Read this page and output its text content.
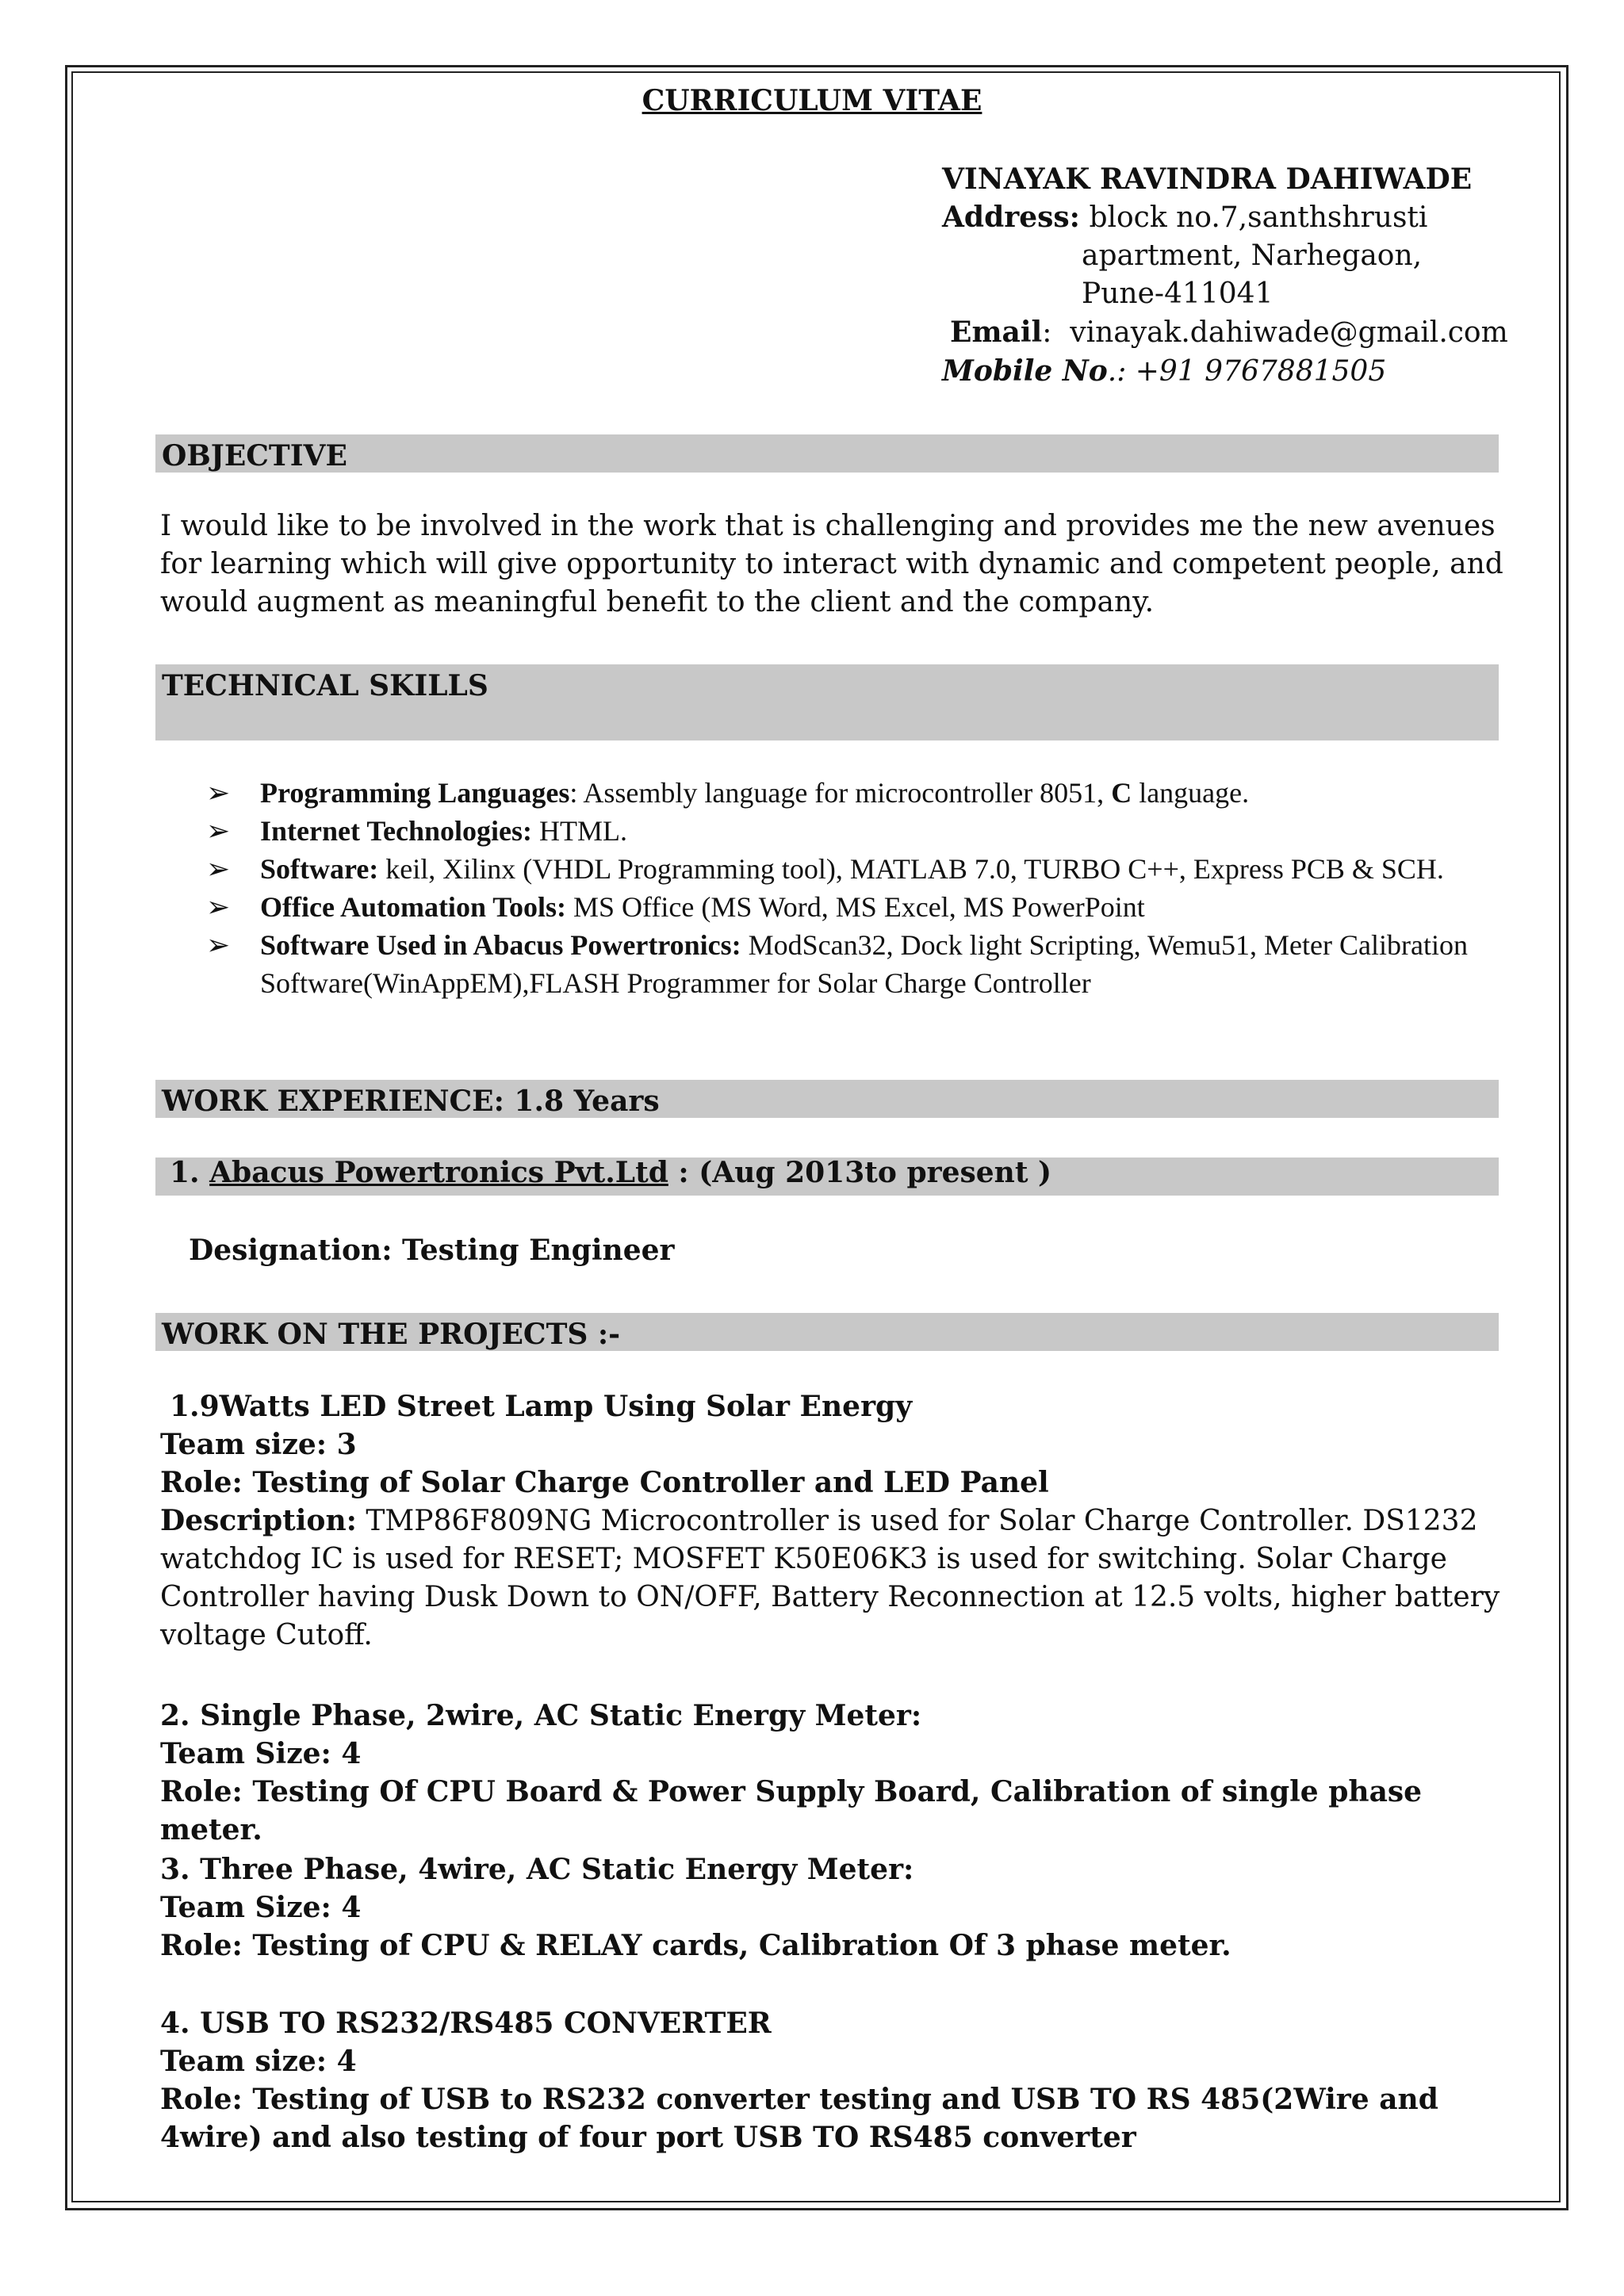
CURRICULUM VITAE
VINAYAK RAVINDRA DAHIWADE
Address: block no.7,santhshrusti
apartment, Narhegaon,
Pune-411041
Email: vinayak.dahiwade@gmail.com
Mobile No.: +91 9767881505
OBJECTIVE
I would like to be involved in the work that is challenging and provides me the new avenues for learning which will give opportunity to interact with dynamic and competent people, and would augment as meaningful benefit to the client and the company.
TECHNICAL SKILLS
➢ Programming Languages: Assembly language for microcontroller 8051, C language.
➢ Internet Technologies: HTML.
➢ Software: keil, Xilinx (VHDL Programming tool), MATLAB 7.0, TURBO C++, Express PCB & SCH.
➢ Office Automation Tools: MS Office (MS Word, MS Excel, MS PowerPoint
➢ Software Used in Abacus Powertronics: ModScan32, Dock light Scripting, Wemu51, Meter Calibration Software(WinAppEM),FLASH Programmer for Solar Charge Controller
WORK EXPERIENCE: 1.8 Years
1. Abacus Powertronics Pvt.Ltd : (Aug 2013to present )
Designation: Testing Engineer
WORK ON THE PROJECTS :-
1.9Watts LED Street Lamp Using Solar Energy
Team size: 3
Role: Testing of Solar Charge Controller and LED Panel
Description: TMP86F809NG Microcontroller is used for Solar Charge Controller. DS1232 watchdog IC is used for RESET; MOSFET K50E06K3 is used for switching. Solar Charge Controller having Dusk Down to ON/OFF, Battery Reconnection at 12.5 volts, higher battery voltage Cutoff.
2. Single Phase, 2wire, AC Static Energy Meter:
Team Size: 4
Role: Testing Of CPU Board & Power Supply Board, Calibration of single phase meter.
3. Three Phase, 4wire, AC Static Energy Meter:
Team Size: 4
Role: Testing of CPU & RELAY cards, Calibration Of 3 phase meter.
4. USB TO RS232/RS485 CONVERTER
Team size: 4
Role: Testing of USB to RS232 converter testing and USB TO RS 485(2Wire and 4wire) and also testing of four port USB TO RS485 converter
